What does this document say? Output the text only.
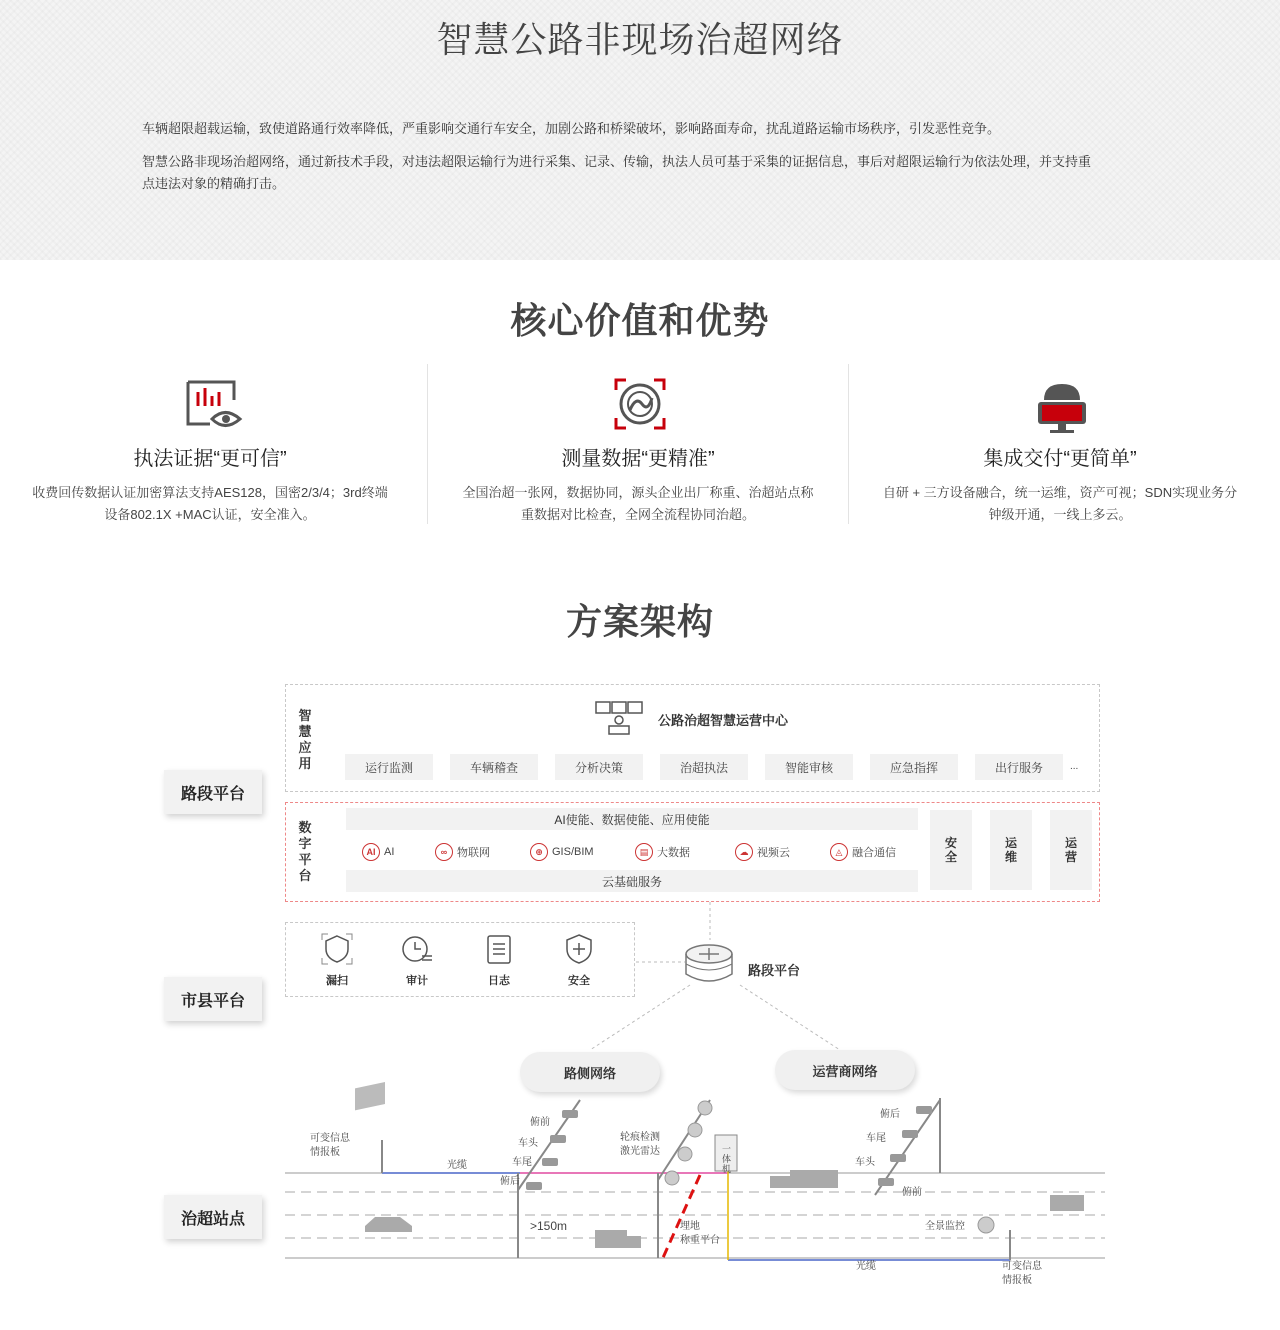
智慧公路非现场治超网络

车辆超限超载运输，致使道路通行效率降低，严重影响交通行车安全，加剧公路和桥梁破坏，影响路面寿命，扰乱道路运输市场秩序，引发恶性竞争。

智慧公路非现场治超网络，通过新技术手段，对违法超限运输行为进行采集、记录、传输，执法人员可基于采集的证据信息，事后对超限运输行为依法处理，并支持重点违法对象的精确打击。

核心价值和优势
执法证据“更可信”
收费回传数据认证加密算法支持AES128，国密2/3/4；3rd终端设备802.1X +MAC认证，安全准入。
测量数据“更精准”
全国治超一张网，数据协同，源头企业出厂称重、治超站点称重数据对比检查，全网全流程协同治超。
集成交付“更简单”
自研 + 三方设备融合，统一运维，资产可视；SDN实现业务分钟级开通，一线上多云。
方案架构
路段平台
市县平台
治超站点
智
慧
应
用
公路治超智慧运营中心
运行监测	车辆稽查	分析决策	治超执法	智能审核	应急指挥	出行服务	...
数
字
平
台
AI使能、数据使能、应用使能
云基础服务
AI AI	∞ 物联网	⊕ GIS/BIM	▤ 大数据	☁ 视频云	◬ 融合通信
安
全
运
维
运
营
漏扫	审计	日志	安全
路段平台
路侧网络	运营商网络
可变信息
情报板
光缆
俯前
车头
车尾
俯后
轮痕检测
激光雷达	一体机
>150m	埋地
称重平台
俯后
车尾
车头
俯前
全景监控
光缆	可变信息
情报板
